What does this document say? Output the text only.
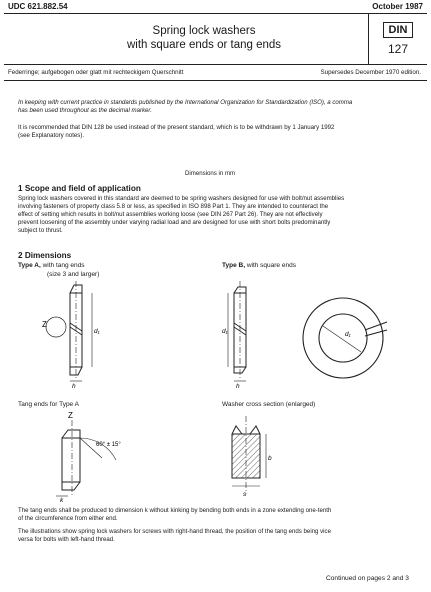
UDC 621.882.54	October 1987
Spring lock washers
with square ends or tang ends
DIN
127
Federringe; aufgebogen oder glatt mit rechteckigem Querschnitt	Supersedes December 1970 edition.
In keeping with current practice in standards published by the International Organization for Standardization (ISO), a comma
has been used throughout as the decimal marker.
It is recommended that DIN 128 be used instead of the present standard, which is to be withdrawn by 1 January 1992
(see Explanatory notes).
Dimensions in mm
1 Scope and field of application
Spring lock washers covered in this standard are deemed to be spring washers designed for use with bolt/nut assemblies
involving fasteners of property class 5.8 or less, as specified in ISO 898 Part 1. They are intended to counteract the
effect of setting which results in bolt/nut assemblies working loose (see DIN 267 Part 26). They are not effectively
prevent loosening of the assembly under varying radial load and are designed for use with short bolts predominantly
subject to thrust.
2 Dimensions
Type A, with tang ends
(size 3 and larger)
Type B, with square ends
Z
d₁
h
d₁
h
d₁
Tang ends for Type A	Washer cross section (enlarged)
Z
60° ± 15°
k
b
s
The tang ends shall be produced to dimension k without kinking by bending both ends in a zone extending one-tenth
of the circumference from either end.
The illustrations show spring lock washers for screws with right-hand thread, the position of the tang ends being vice
versa for bolts with left-hand thread.
Continued on pages 2 and 3
